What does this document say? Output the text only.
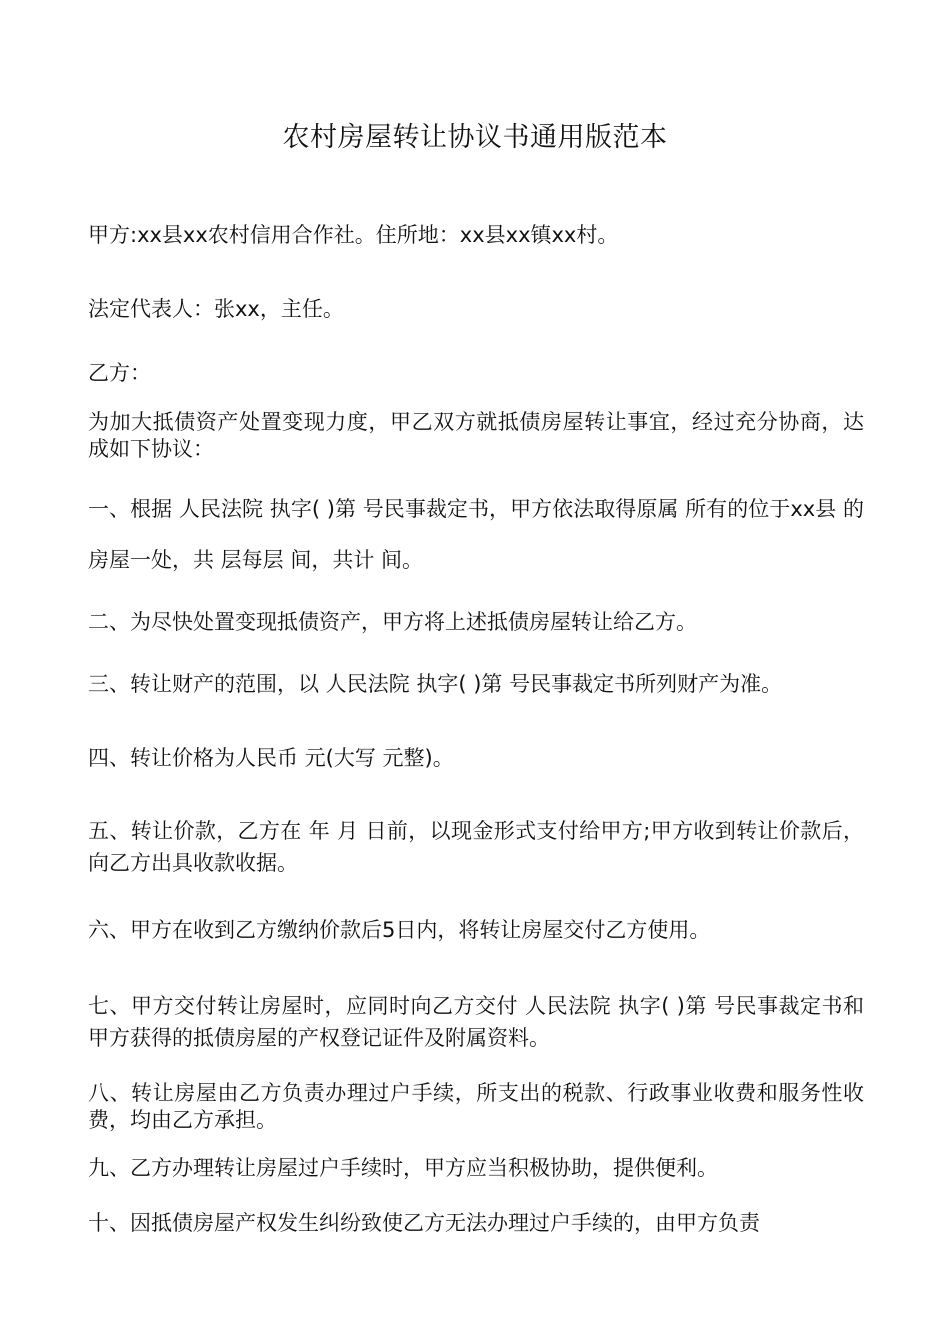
农村房屋转让协议书通用版范本

甲方:xx县xx农村信用合作社。住所地：xx县xx镇xx村。

法定代表人：张xx，主任。

乙方：

为加大抵债资产处置变现力度，甲乙双方就抵债房屋转让事宜，经过充分协商，达成如下协议：

一、根据 人民法院 执字( )第 号民事裁定书，甲方依法取得原属 所有的位于xx县 的 房屋一处，共 层每层 间，共计 间。

二、为尽快处置变现抵债资产，甲方将上述抵债房屋转让给乙方。

三、转让财产的范围，以 人民法院 执字( )第 号民事裁定书所列财产为准。

四、转让价格为人民币 元(大写 元整)。

五、转让价款，乙方在 年 月 日前，以现金形式支付给甲方;甲方收到转让价款后，向乙方出具收款收据。

六、甲方在收到乙方缴纳价款后5日内，将转让房屋交付乙方使用。

七、甲方交付转让房屋时，应同时向乙方交付 人民法院 执字( )第 号民事裁定书和甲方获得的抵债房屋的产权登记证件及附属资料。

八、转让房屋由乙方负责办理过户手续，所支出的税款、行政事业收费和服务性收费，均由乙方承担。

九、乙方办理转让房屋过户手续时，甲方应当积极协助，提供便利。

十、因抵债房屋产权发生纠纷致使乙方无法办理过户手续的，由甲方负责
